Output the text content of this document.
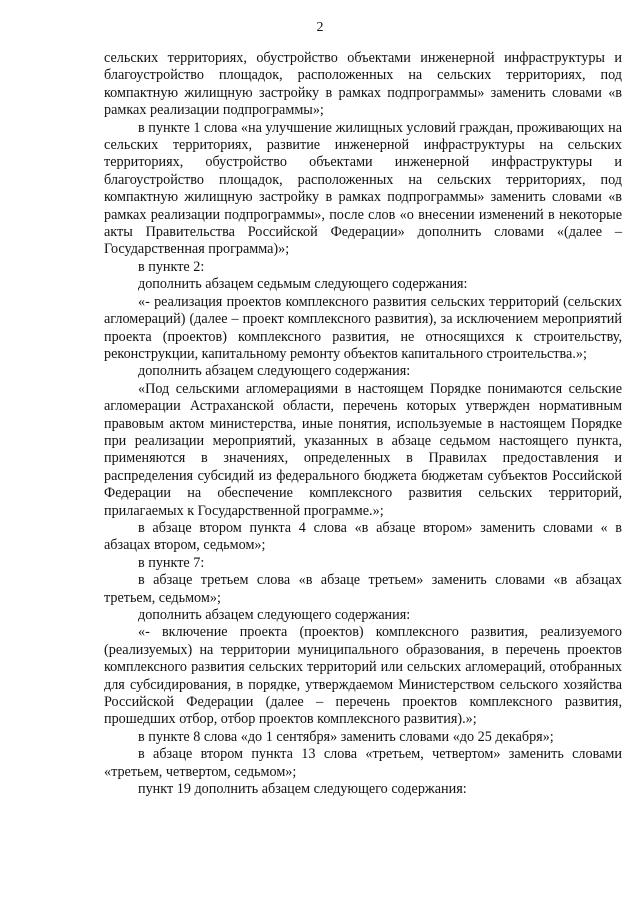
2

сельских территориях, обустройство объектами инженерной инфраструктуры и благоустройство площадок, расположенных на сельских территориях, под компактную жилищную застройку в рамках подпрограммы» заменить словами «в рамках реализации подпрограммы»;

в пункте 1 слова «на улучшение жилищных условий граждан, проживающих на сельских территориях, развитие инженерной инфраструктуры на сельских территориях, обустройство объектами инженерной инфраструктуры и благоустройство площадок, расположенных на сельских территориях, под компактную жилищную застройку в рамках подпрограммы» заменить словами «в рамках реализации подпрограммы», после слов «о внесении изменений в некоторые акты Правительства Российской Федерации» дополнить словами «(далее – Государственная программа)»;

в пункте 2:

дополнить абзацем седьмым следующего содержания:

«- реализация проектов комплексного развития сельских территорий (сельских агломераций) (далее – проект комплексного развития), за исключением мероприятий проекта (проектов) комплексного развития, не относящихся к строительству, реконструкции, капитальному ремонту объектов капитального строительства.»;

дополнить абзацем следующего содержания:

«Под сельскими агломерациями в настоящем Порядке понимаются сельские агломерации Астраханской области, перечень которых утвержден нормативным правовым актом министерства, иные понятия, используемые в настоящем Порядке при реализации мероприятий, указанных в абзаце седьмом настоящего пункта, применяются в значениях, определенных в Правилах предоставления и распределения субсидий из федерального бюджета бюджетам субъектов Российской Федерации на обеспечение комплексного развития сельских территорий, прилагаемых к Государственной программе.»;

в абзаце втором пункта 4 слова «в абзаце втором» заменить словами « в абзацах втором, седьмом»;

в пункте 7:

в абзаце третьем слова «в абзаце третьем» заменить словами «в абзацах третьем, седьмом»;

дополнить абзацем следующего содержания:

«- включение проекта (проектов) комплексного развития, реализуемого (реализуемых) на территории муниципального образования, в перечень проектов комплексного развития сельских территорий или сельских агломераций, отобранных для субсидирования, в порядке, утверждаемом Министерством сельского хозяйства Российской Федерации (далее – перечень проектов комплексного развития, прошедших отбор, отбор проектов комплексного развития).»;

в пункте 8 слова «до 1 сентября» заменить словами «до 25 декабря»;

в абзаце втором пункта 13 слова «третьем, четвертом» заменить словами «третьем, четвертом, седьмом»;

пункт 19 дополнить абзацем следующего содержания:
